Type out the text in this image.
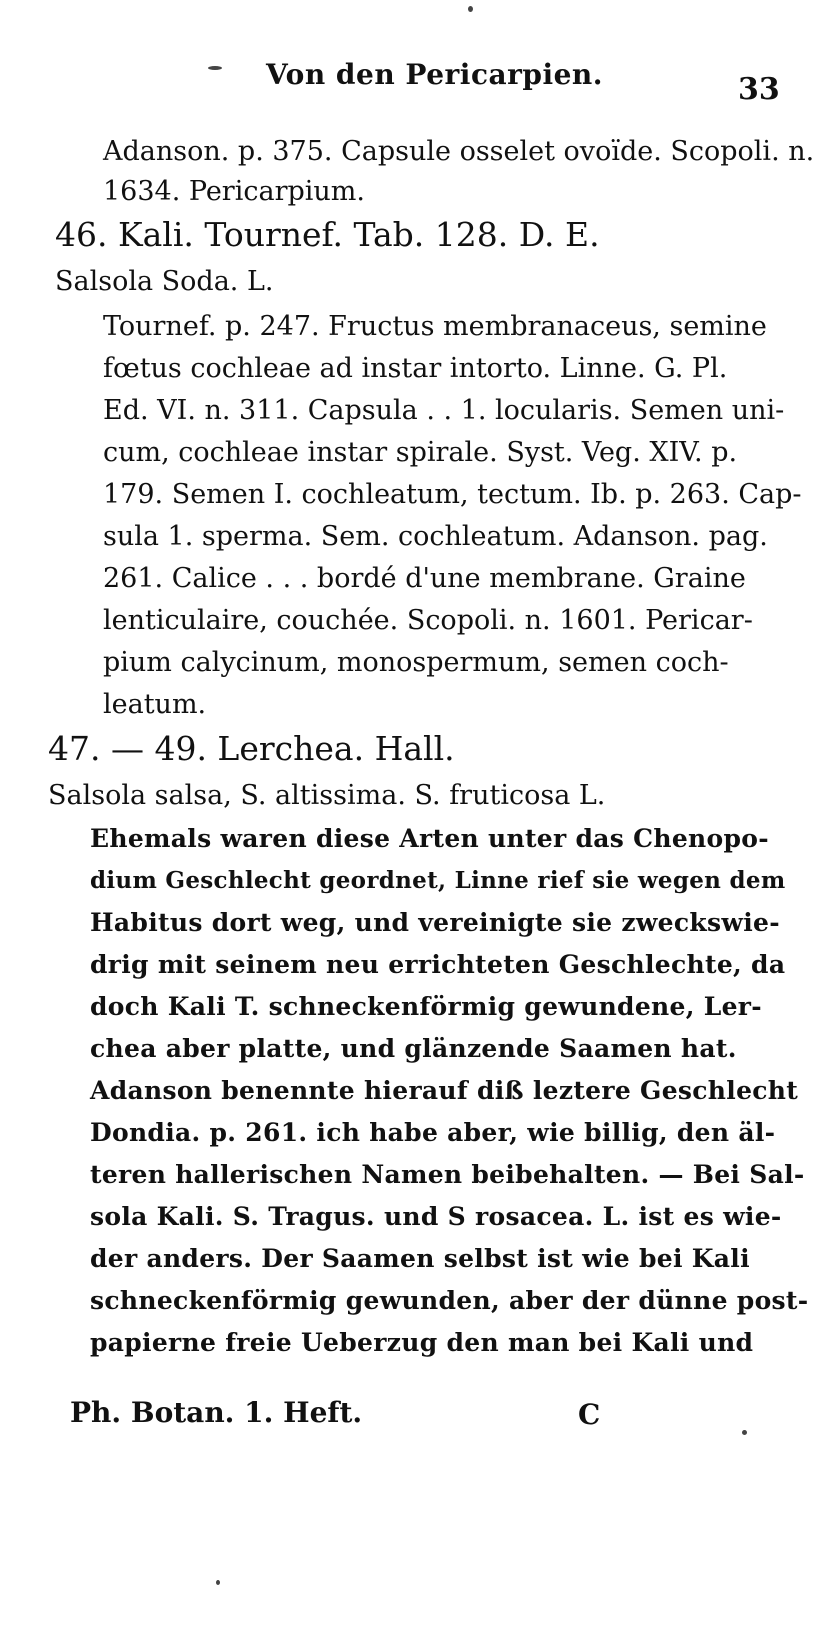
Von den Pericarpien.	33
Adanson. p. 375. Capsule osselet ovoïde. Scopoli. n.
1634. Pericarpium.
46. Kali. Tournef. Tab. 128. D. E.
Salsola Soda. L.
Tournef. p. 247. Fructus membranaceus, semine
fœtus cochleae ad instar intorto. Linne. G. Pl.
Ed. VI. n. 311. Capsula . . 1. locularis. Semen uni-
cum, cochleae instar spirale. Syst. Veg. XIV. p.
179. Semen I. cochleatum, tectum. Ib. p. 263. Cap-
sula 1. sperma. Sem. cochleatum. Adanson. pag.
261. Calice . . . bordé d'une membrane. Graine
lenticulaire, couchée. Scopoli. n. 1601. Pericar-
pium calycinum, monospermum, semen coch-
leatum.
47. — 49. Lerchea. Hall.
Salsola salsa, S. altissima. S. fruticosa L.
Ehemals waren diese Arten unter das Chenopo-
dium Geschlecht geordnet, Linne rief sie wegen dem
Habitus dort weg, und vereinigte sie zweckswie-
drig mit seinem neu errichteten Geschlechte, da
doch Kali T. schneckenförmig gewundene, Ler-
chea aber platte, und glänzende Saamen hat.
Adanson benennte hierauf diß leztere Geschlecht
Dondia. p. 261. ich habe aber, wie billig, den äl-
teren hallerischen Namen beibehalten. — Bei Sal-
sola Kali. S. Tragus. und S rosacea. L. ist es wie-
der anders. Der Saamen selbst ist wie bei Kali
schneckenförmig gewunden, aber der dünne post-
papierne freie Ueberzug den man bei Kali und
Ph. Botan. 1. Heft.	C
